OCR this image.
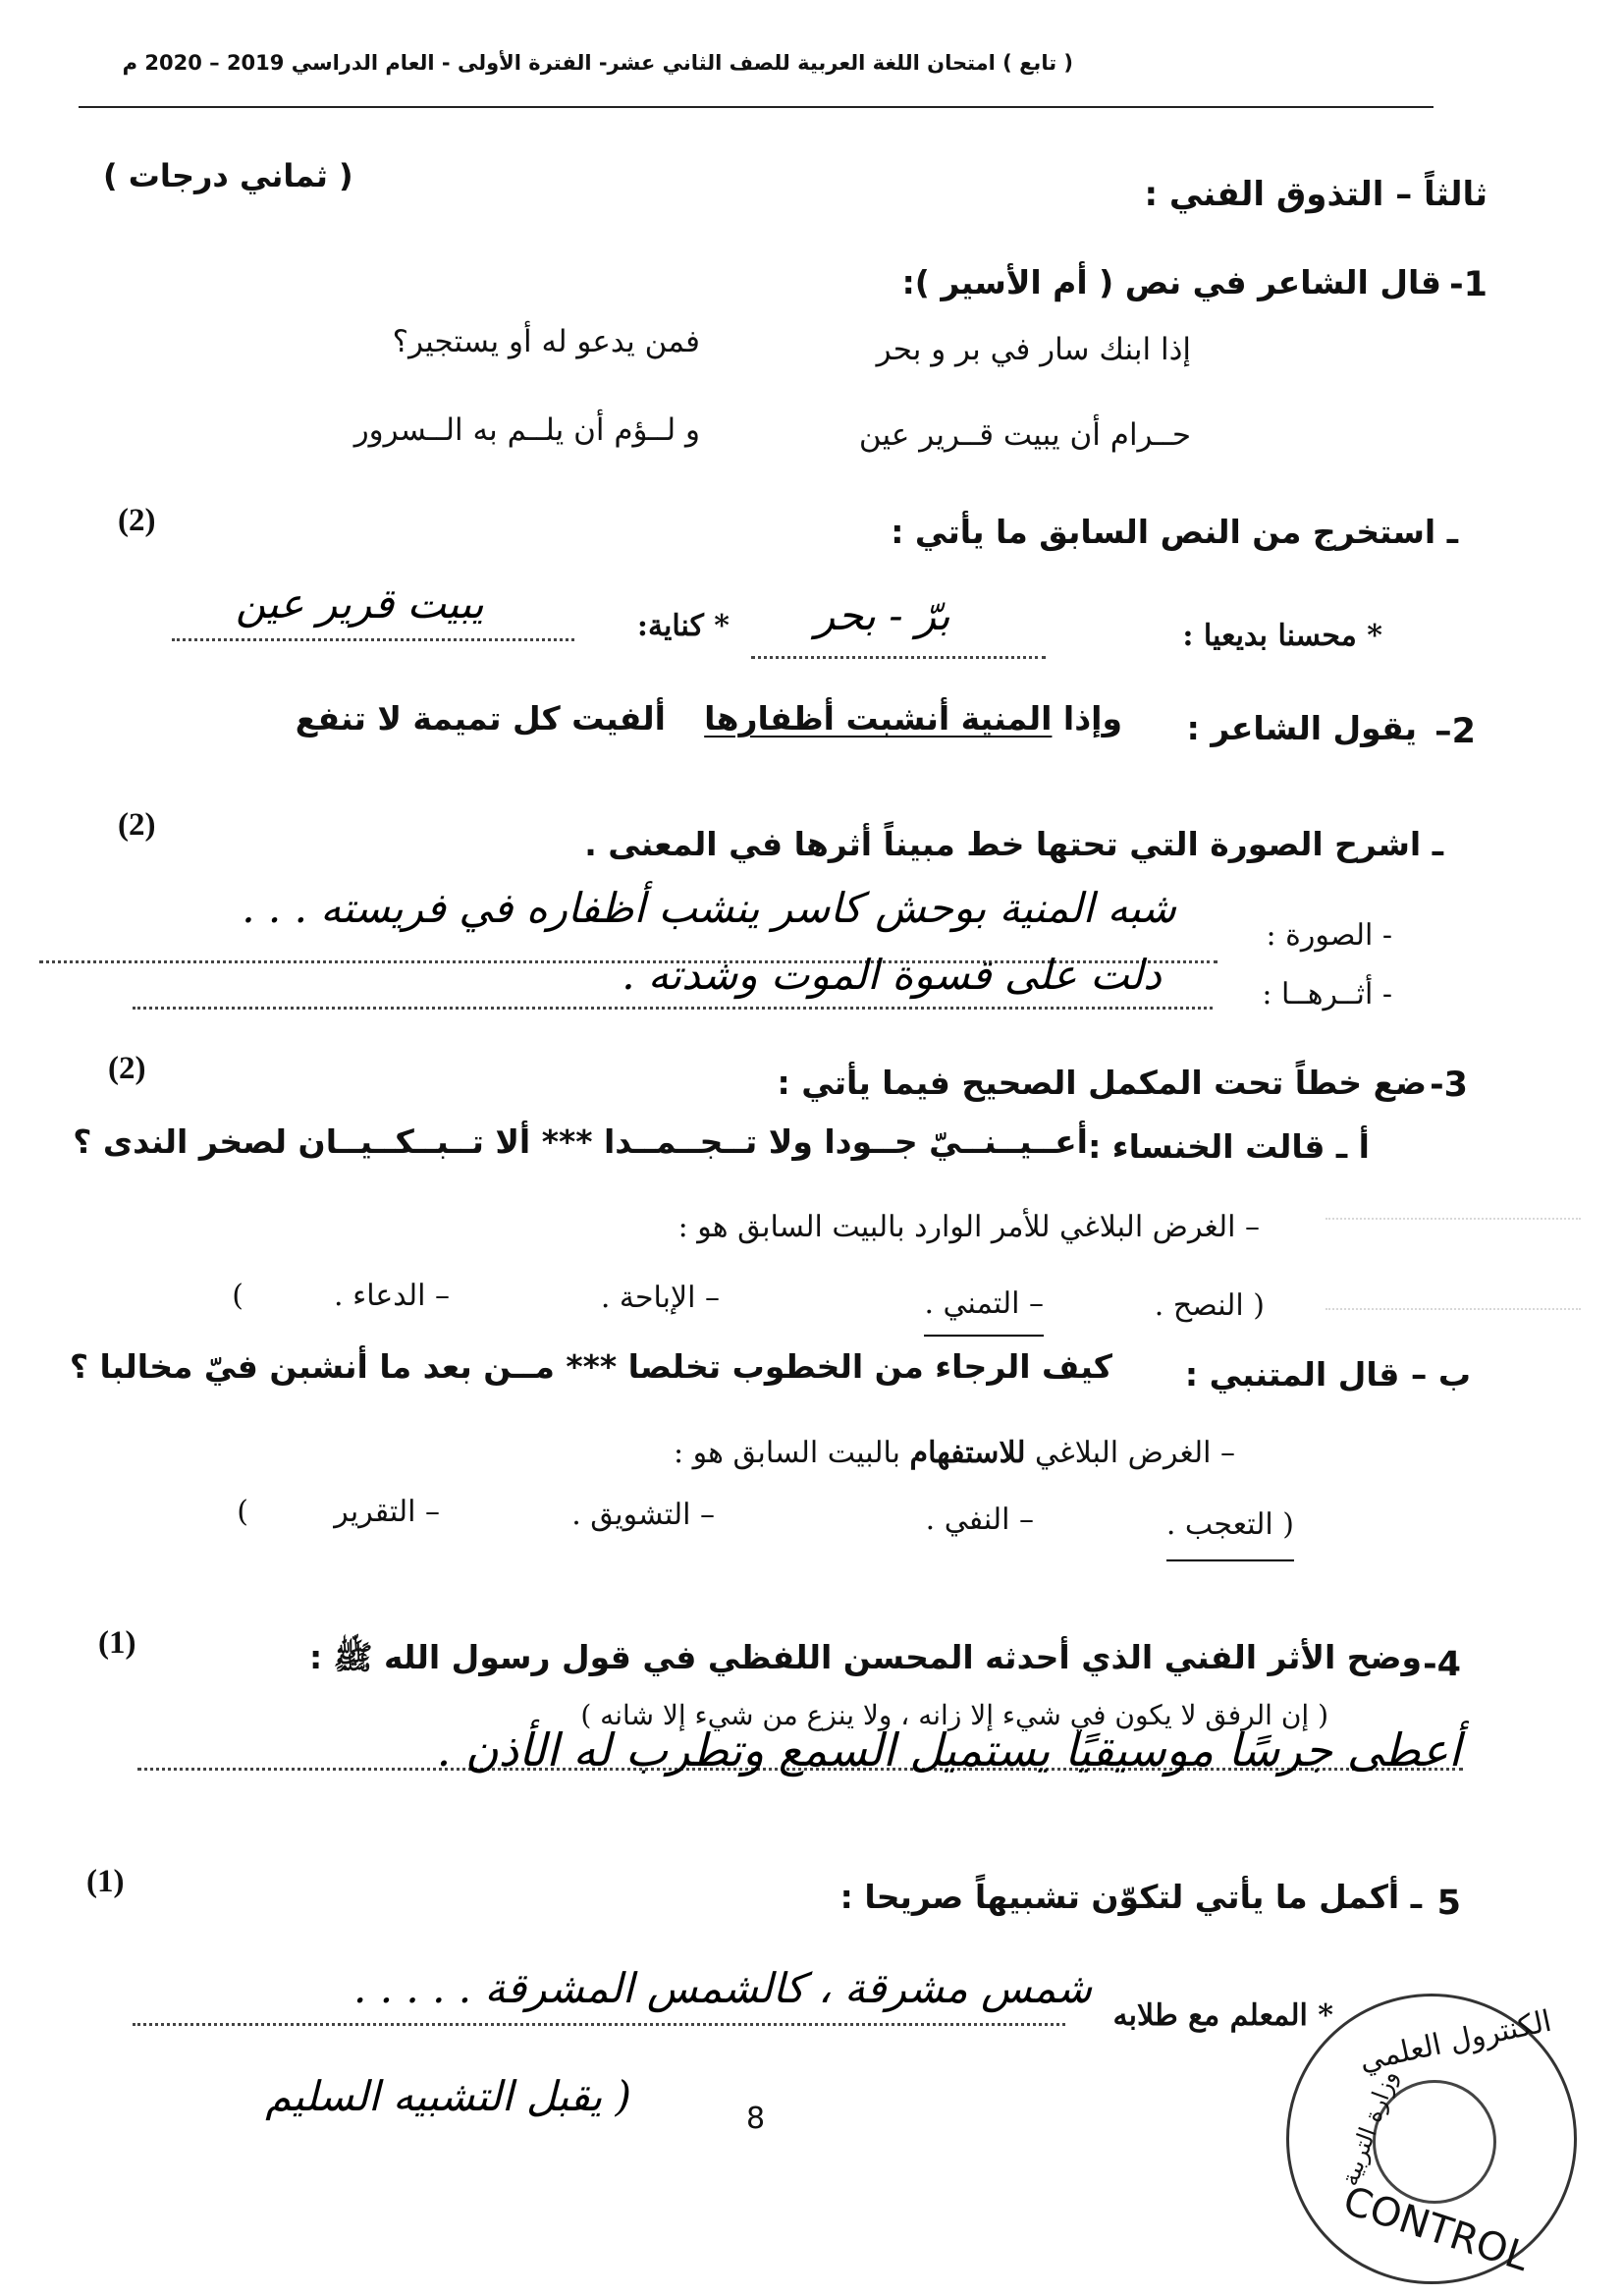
( تابع ) امتحان اللغة العربية للصف الثاني عشر- الفترة الأولى - العام الدراسي 2019 – 2020 م
ثالثاً – التذوق الفني :
( ثماني درجات )
1-
قال الشاعر في نص ( أم الأسير ):
إذا ابنك سار في بر و بحر
فمن يدعو له أو يستجير؟
حــرام أن يبيت قــرير عين
و لــؤم أن يلــم به الــسرور
ـ استخرج من النص السابق ما يأتي :
(2)
* محسنا بديعيا :
برّ - بحر
* كناية:
يبيت قرير عين
2–
يقول الشاعر :
وإذا المنية أنشبت أظفارها
ألفيت كل تميمة لا تنفع
ـ اشرح الصورة التي تحتها خط مبيناً أثرها في المعنى .
(2)
- الصورة :
شبه المنية بوحش كاسر ينشب أظفاره في فريسته . . .
- أثــرهــا :
دلت على قسوة الموت وشدته .
3-
ضع خطاً تحت المكمل الصحيح فيما يأتي :
(2)
أ ـ قالت الخنساء :
أعــيــنــيّ جــودا ولا تــجــمــدا *** ألا تــبــكــيــان لصخر الندى ؟
– الغرض البلاغي للأمر الوارد بالبيت السابق هو :
( النصح .
– التمني .
– الإباحة .
– الدعاء .
)
ب – قال المتنبي :
كيف الرجاء من الخطوب تخلصا *** مــن بعد ما أنشبن فيّ مخالبا ؟
– الغرض البلاغي للاستفهام بالبيت السابق هو :
( التعجب .
– النفي .
– التشويق .
– التقرير
)
4-
وضح الأثر الفني الذي أحدثه المحسن اللفظي في قول رسول الله ﷺ :
(1)
( إن الرفق لا يكون في شيء إلا زانه ، ولا ينزع من شيء إلا شانه )
أعطى جرسًا موسيقيًا يستميل السمع وتطرب له الأذن .
5
ـ أكمل ما يأتي لتكوّن تشبيهاً صريحا :
(1)
* المعلم مع طلابه
شمس مشرقة ، كالشمس المشرقة . . . . .
( يقبل التشبيه السليم	8
الكنترول العلمي
وزارة التربية
CONTROL
